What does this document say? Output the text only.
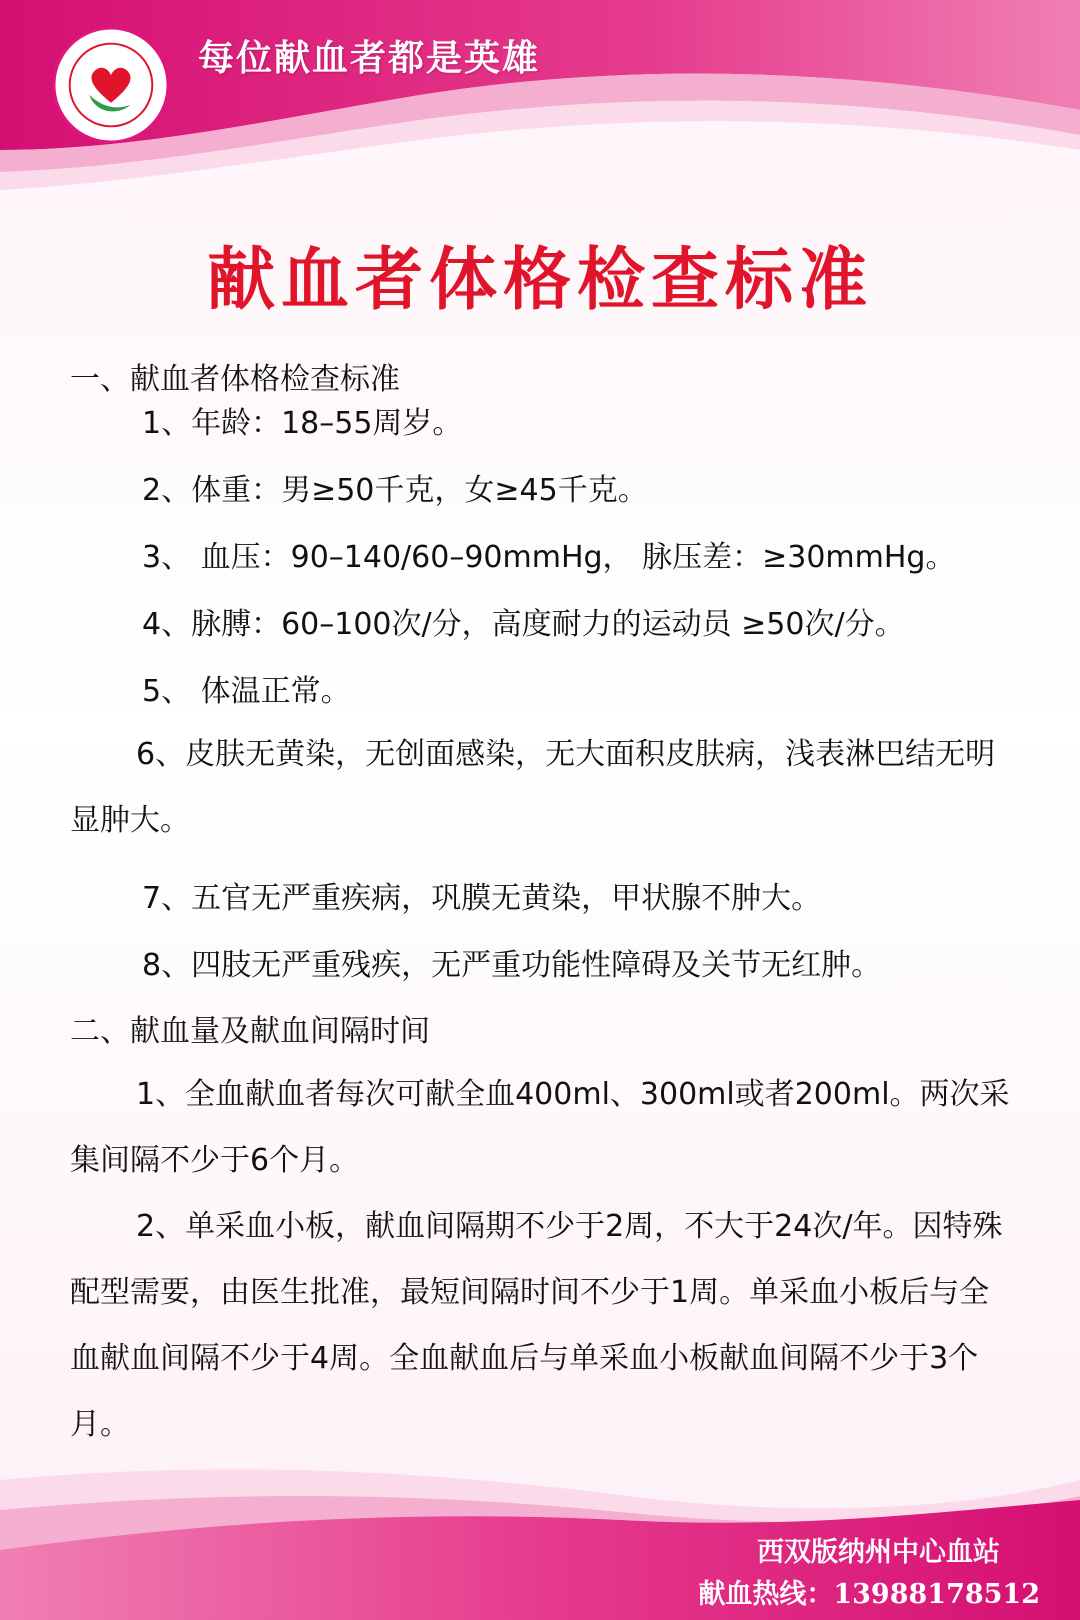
每位献血者都是英雄
献血者体格检查标准

一、献血者体格检查标准

1、年龄：18–55周岁。

2、体重：男≥50千克，女≥45千克。

3、 血压：90–140/60–90mmHg， 脉压差：≥30mmHg。

4、脉膊：60–100次/分，高度耐力的运动员 ≥50次/分。

5、 体温正常。

6、皮肤无黄染，无创面感染，无大面积皮肤病，浅表淋巴结无明显肿大。

7、五官无严重疾病，巩膜无黄染，甲状腺不肿大。

8、四肢无严重残疾，无严重功能性障碍及关节无红肿。

二、献血量及献血间隔时间

1、全血献血者每次可献全血400ml、300ml或者200ml。两次采集间隔不少于6个月。

2、单采血小板，献血间隔期不少于2周，不大于24次/年。因特殊配型需要，由医生批准，最短间隔时间不少于1周。单采血小板后与全血献血间隔不少于4周。全血献血后与单采血小板献血间隔不少于3个月。

西双版纳州中心血站
献血热线：13988178512
